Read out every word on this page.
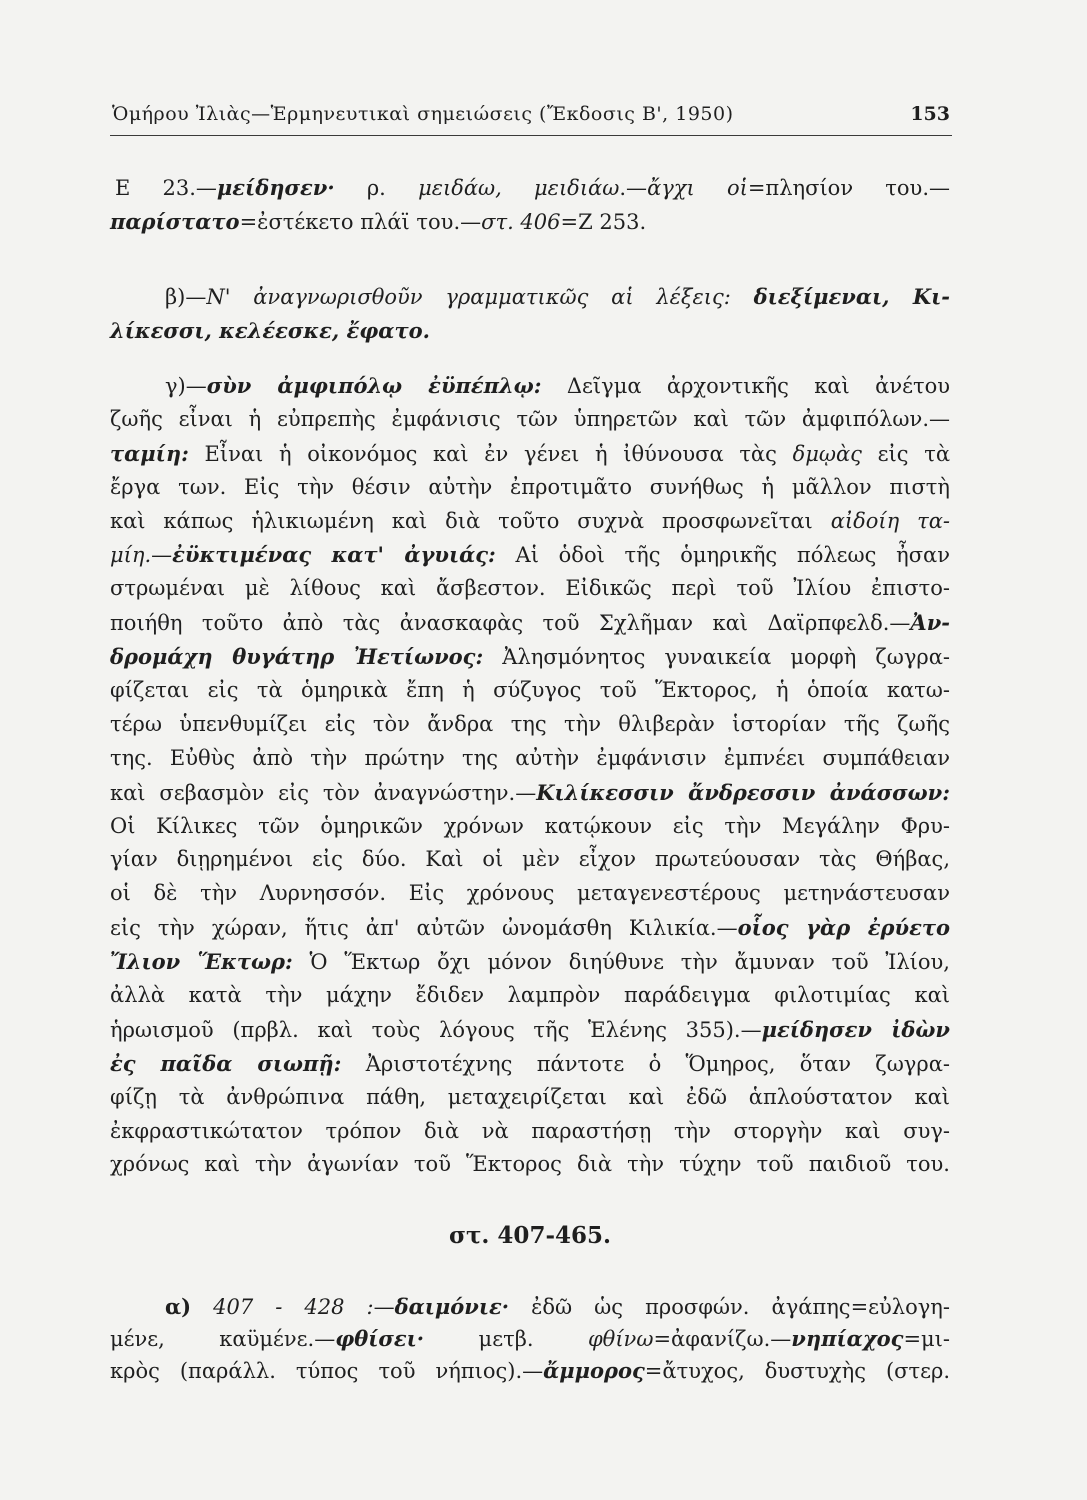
Ὁμήρου Ἰλιὰς—Ἑρμηνευτικαὶ σημειώσεις (Ἔκδοσις Β', 1950)	153
Ε 23.—μείδησεν· ρ. μειδάω, μειδιάω.—ἄγχι οἱ=πλησίον του.—
παρίστατο=ἐστέκετο πλάϊ του.—στ. 406=Ζ 253.
β)—Ν' ἀναγνωρισθοῦν γραμματικῶς αἱ λέξεις: διεξίμεναι, Κι-
λίκεσσι, κελέεσκε, ἔφατο.
γ)—σὺν ἀμφιπόλῳ ἐϋπέπλῳ: Δεῖγμα ἀρχοντικῆς καὶ ἀνέτου
ζωῆς εἶναι ἡ εὐπρεπὴς ἐμφάνισις τῶν ὑπηρετῶν καὶ τῶν ἀμφιπόλων.—
ταμίη: Εἶναι ἡ οἰκονόμος καὶ ἐν γένει ἡ ἰθύνουσα τὰς δμῳὰς εἰς τὰ
ἔργα των. Εἰς τὴν θέσιν αὐτὴν ἐπροτιμᾶτο συνήθως ἡ μᾶλλον πιστὴ
καὶ κάπως ἡλικιωμένη καὶ διὰ τοῦτο συχνὰ προσφωνεῖται αἰδοίη τα-
μίη.—ἐϋκτιμένας κατ' ἀγυιάς: Αἱ ὁδοὶ τῆς ὁμηρικῆς πόλεως ἦσαν
στρωμέναι μὲ λίθους καὶ ἄσβεστον. Εἰδικῶς περὶ τοῦ Ἰλίου ἐπιστο-
ποιήθη τοῦτο ἀπὸ τὰς ἀνασκαφὰς τοῦ Σχλῆμαν καὶ Δαϊρπφελδ.—Ἀν-
δρομάχη θυγάτηρ Ἠετίωνος: Ἀλησμόνητος γυναικεία μορφὴ ζωγρα-
φίζεται εἰς τὰ ὁμηρικὰ ἔπη ἡ σύζυγος τοῦ Ἕκτορος, ἡ ὁποία κατω-
τέρω ὑπενθυμίζει εἰς τὸν ἄνδρα της τὴν θλιβερὰν ἱστορίαν τῆς ζωῆς
της. Εὐθὺς ἀπὸ τὴν πρώτην της αὐτὴν ἐμφάνισιν ἐμπνέει συμπάθειαν
καὶ σεβασμὸν εἰς τὸν ἀναγνώστην.—Κιλίκεσσιν ἄνδρεσσιν ἀνάσσων:
Οἱ Κίλικες τῶν ὁμηρικῶν χρόνων κατῴκουν εἰς τὴν Μεγάλην Φρυ-
γίαν διῃρημένοι εἰς δύο. Καὶ οἱ μὲν εἶχον πρωτεύουσαν τὰς Θήβας,
οἱ δὲ τὴν Λυρνησσόν. Εἰς χρόνους μεταγενεστέρους μετηνάστευσαν
εἰς τὴν χώραν, ἥτις ἀπ' αὐτῶν ὠνομάσθη Κιλικία.—οἷος γὰρ ἐρύετο
Ἴλιον Ἕκτωρ: Ὁ Ἕκτωρ ὄχι μόνον διηύθυνε τὴν ἄμυναν τοῦ Ἰλίου,
ἀλλὰ κατὰ τὴν μάχην ἔδιδεν λαμπρὸν παράδειγμα φιλοτιμίας καὶ
ἡρωισμοῦ (πρβλ. καὶ τοὺς λόγους τῆς Ἑλένης 355).—μείδησεν ἰδὼν
ἐς παῖδα σιωπῇ: Ἀριστοτέχνης πάντοτε ὁ Ὅμηρος, ὅταν ζωγρα-
φίζῃ τὰ ἀνθρώπινα πάθη, μεταχειρίζεται καὶ ἐδῶ ἁπλούστατον καὶ
ἐκφραστικώτατον τρόπον διὰ νὰ παραστήσῃ τὴν στοργὴν καὶ συγ-
χρόνως καὶ τὴν ἀγωνίαν τοῦ Ἕκτορος διὰ τὴν τύχην τοῦ παιδιοῦ του.
στ. 407-465.
α) 407 - 428 :—δαιμόνιε· ἐδῶ ὡς προσφών. ἀγάπης=εὐλογη-
μένε, καϋμένε.—φθίσει· μετβ. φθίνω=ἀφανίζω.—νηπίαχος=μι-
κρὸς (παράλλ. τύπος τοῦ νήπιος).—ἄμμορος=ἄτυχος, δυστυχὴς (στερ.
